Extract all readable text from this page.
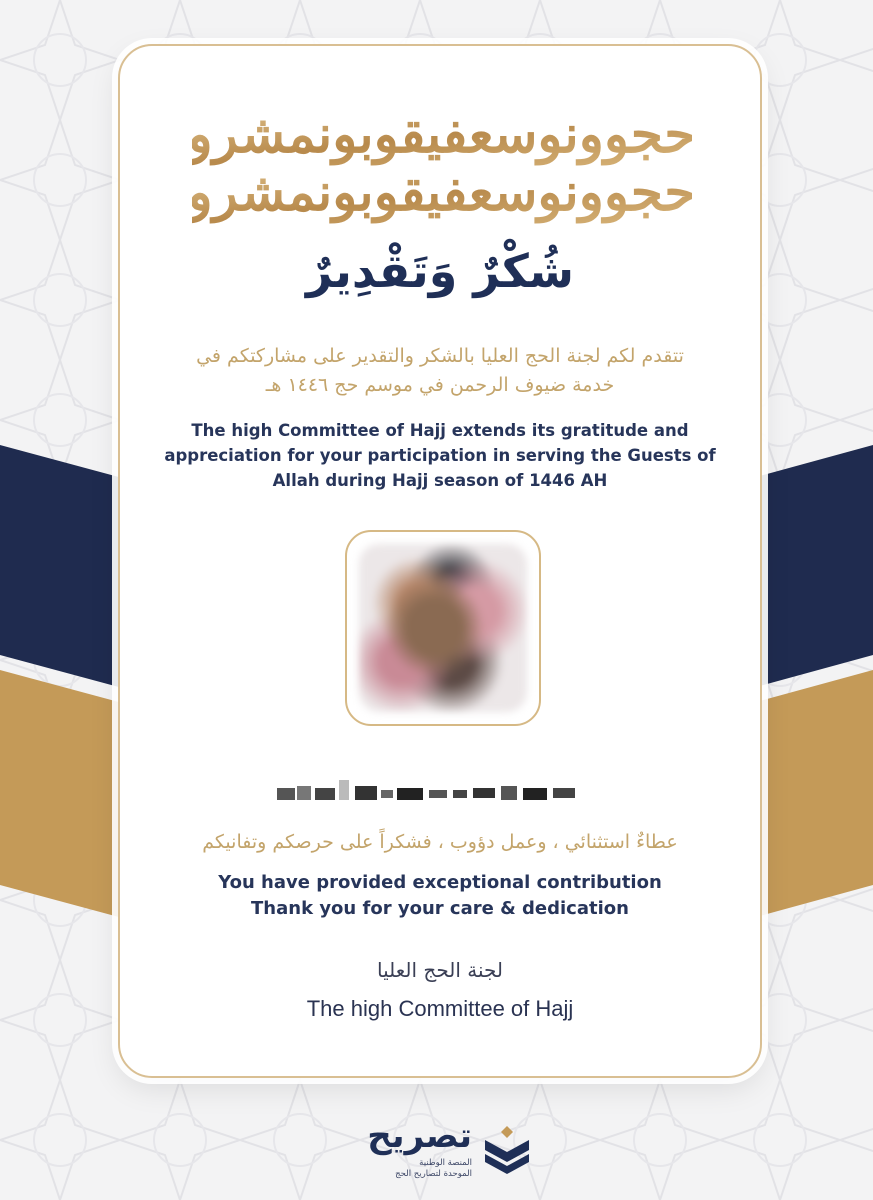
حجوونوسعفيقوبونمشرو
حجوونوسعفيقوبونمشرو
شُكْرٌ وَتَقْدِيرٌ
تتقدم لكم لجنة الحج العليا بالشكر والتقدير على مشاركتكم في
خدمة ضيوف الرحمن في موسم حج ١٤٤٦ هـ
The high Committee of Hajj extends its gratitude and
appreciation for your participation in serving the Guests of
Allah during Hajj season of 1446 AH
عطاءٌ استثنائي ، وعمل دؤوب ، فشكراً على حرصكم وتفانيكم
You have provided exceptional contribution
Thank you for your care & dedication
لجنة الحج العليا
The high Committee of Hajj
تصريح
المنصة الوطنية
الموحدة لتصاريح الحج
